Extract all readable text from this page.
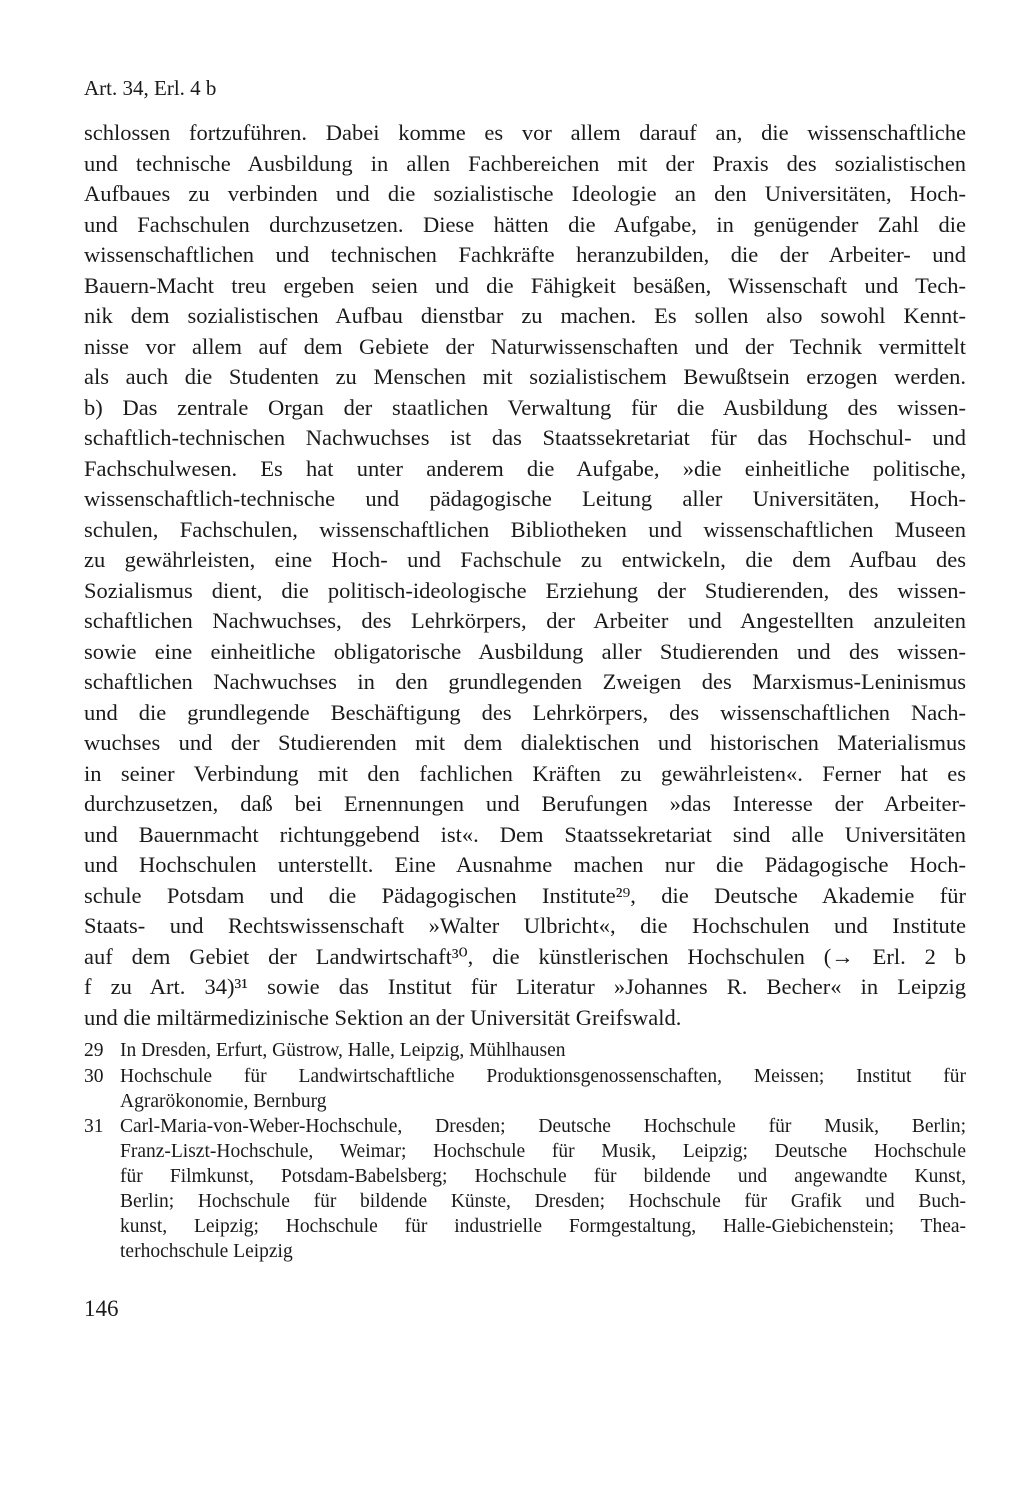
Art. 34, Erl. 4 b
schlossen fortzuführen. Dabei komme es vor allem darauf an, die wissenschaftliche
und technische Ausbildung in allen Fachbereichen mit der Praxis des sozialistischen
Aufbaues zu verbinden und die sozialistische Ideologie an den Universitäten, Hoch-
und Fachschulen durchzusetzen. Diese hätten die Aufgabe, in genügender Zahl die
wissenschaftlichen und technischen Fachkräfte heranzubilden, die der Arbeiter- und
Bauern-Macht treu ergeben seien und die Fähigkeit besäßen, Wissenschaft und Tech-
nik dem sozialistischen Aufbau dienstbar zu machen. Es sollen also sowohl Kennt-
nisse vor allem auf dem Gebiete der Naturwissenschaften und der Technik vermittelt
als auch die Studenten zu Menschen mit sozialistischem Bewußtsein erzogen werden.
b) Das zentrale Organ der staatlichen Verwaltung für die Ausbildung des wissen-
schaftlich-technischen Nachwuchses ist das Staatssekretariat für das Hochschul- und
Fachschulwesen. Es hat unter anderem die Aufgabe, »die einheitliche politische,
wissenschaftlich-technische und pädagogische Leitung aller Universitäten, Hoch-
schulen, Fachschulen, wissenschaftlichen Bibliotheken und wissenschaftlichen Museen
zu gewährleisten, eine Hoch- und Fachschule zu entwickeln, die dem Aufbau des
Sozialismus dient, die politisch-ideologische Erziehung der Studierenden, des wissen-
schaftlichen Nachwuchses, des Lehrkörpers, der Arbeiter und Angestellten anzuleiten
sowie eine einheitliche obligatorische Ausbildung aller Studierenden und des wissen-
schaftlichen Nachwuchses in den grundlegenden Zweigen des Marxismus-Leninismus
und die grundlegende Beschäftigung des Lehrkörpers, des wissenschaftlichen Nach-
wuchses und der Studierenden mit dem dialektischen und historischen Materialismus
in seiner Verbindung mit den fachlichen Kräften zu gewährleisten«. Ferner hat es
durchzusetzen, daß bei Ernennungen und Berufungen »das Interesse der Arbeiter-
und Bauernmacht richtunggebend ist«. Dem Staatssekretariat sind alle Universitäten
und Hochschulen unterstellt. Eine Ausnahme machen nur die Pädagogische Hoch-
schule Potsdam und die Pädagogischen Institute²⁹, die Deutsche Akademie für
Staats- und Rechtswissenschaft »Walter Ulbricht«, die Hochschulen und Institute
auf dem Gebiet der Landwirtschaft³⁰, die künstlerischen Hochschulen (→ Erl. 2 b
f zu Art. 34)³¹ sowie das Institut für Literatur »Johannes R. Becher« in Leipzig
und die miltärmedizinische Sektion an der Universität Greifswald.
29 In Dresden, Erfurt, Güstrow, Halle, Leipzig, Mühlhausen
30 Hochschule für Landwirtschaftliche Produktionsgenossenschaften, Meissen; Institut für
Agrarökonomie, Bernburg
31 Carl-Maria-von-Weber-Hochschule, Dresden; Deutsche Hochschule für Musik, Berlin;
Franz-Liszt-Hochschule, Weimar; Hochschule für Musik, Leipzig; Deutsche Hochschule
für Filmkunst, Potsdam-Babelsberg; Hochschule für bildende und angewandte Kunst,
Berlin; Hochschule für bildende Künste, Dresden; Hochschule für Grafik und Buch-
kunst, Leipzig; Hochschule für industrielle Formgestaltung, Halle-Giebichenstein; Thea-
terhochschule Leipzig
146
